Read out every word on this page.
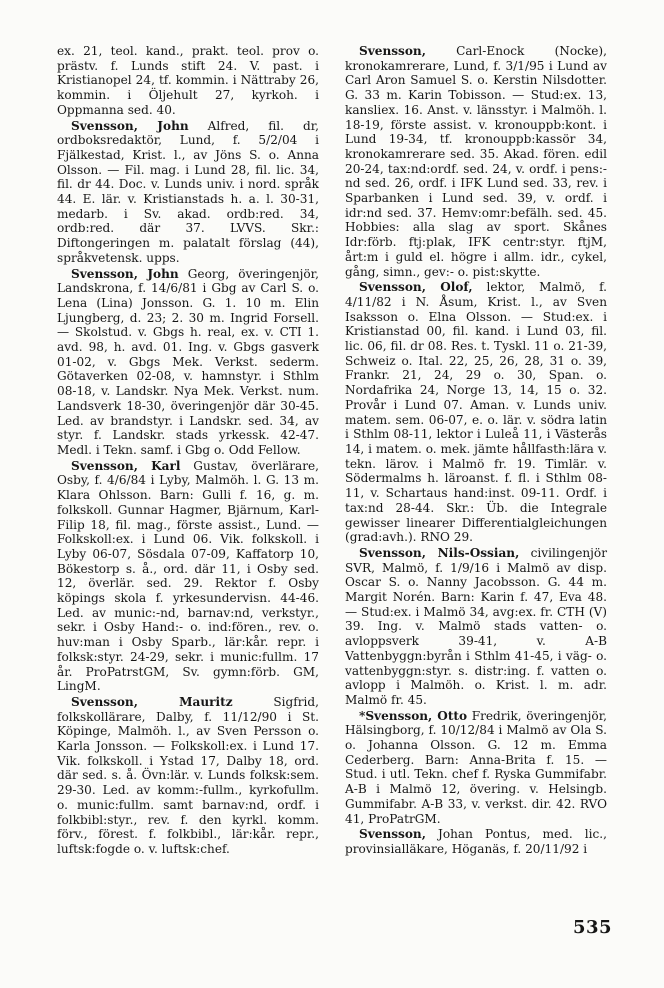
ex. 21, teol. kand., prakt. teol. prov o. prästv. f. Lunds stift 24. V. past. i Kristianopel 24, tf. kommin. i Nättraby 26, kommin. i Öljehult 27, kyrkoh. i Oppmanna sed. 40.

Svensson, John Alfred, fil. dr, ordboksredaktör, Lund, f. 5/2/04 i Fjälkestad, Krist. l., av Jöns S. o. Anna Olsson. — Fil. mag. i Lund 28, fil. lic. 34, fil. dr 44. Doc. v. Lunds univ. i nord. språk 44. E. lär. v. Kristianstads h. a. l. 30-31, medarb. i Sv. akad. ordb:red. 34, ordb:red. där 37. LVVS. Skr.: Diftongeringen m. palatalt förslag (44), språkvetensk. upps.

Svensson, John Georg, överingenjör, Landskrona, f. 14/6/81 i Gbg av Carl S. o. Lena (Lina) Jonsson. G. 1. 10 m. Elin Ljungberg, d. 23; 2. 30 m. Ingrid Forsell. — Skolstud. v. Gbgs h. real, ex. v. CTI 1. avd. 98, h. avd. 01. Ing. v. Gbgs gasverk 01-02, v. Gbgs Mek. Verkst. sederm. Götaverken 02-08, v. hamnstyr. i Sthlm 08-18, v. Landskr. Nya Mek. Verkst. num. Landsverk 18-30, överingenjör där 30-45. Led. av brandstyr. i Landskr. sed. 34, av styr. f. Landskr. stads yrkessk. 42-47. Medl. i Tekn. samf. i Gbg o. Odd Fellow.

Svensson, Karl Gustav, överlärare, Osby, f. 4/6/84 i Lyby, Malmöh. l. G. 13 m. Klara Ohlsson. Barn: Gulli f. 16, g. m. folkskoll. Gunnar Hagmer, Bjärnum, Karl-Filip 18, fil. mag., förste assist., Lund. — Folkskoll:ex. i Lund 06. Vik. folkskoll. i Lyby 06-07, Sösdala 07-09, Kaffatorp 10, Bökestorp s. å., ord. där 11, i Osby sed. 12, överlär. sed. 29. Rektor f. Osby köpings skola f. yrkesundervisn. 44-46. Led. av munic:-nd, barnav:nd, verkstyr., sekr. i Osby Hand:- o. ind:fören., rev. o. huv:man i Osby Sparb., lär:kår. repr. i folksk:styr. 24-29, sekr. i munic:fullm. 17 år. ProPatrstGM, Sv. gymn:förb. GM, LingM.

Svensson, Mauritz Sigfrid, folkskollärare, Dalby, f. 11/12/90 i St. Köpinge, Malmöh. l., av Sven Persson o. Karla Jonsson. — Folkskoll:ex. i Lund 17. Vik. folkskoll. i Ystad 17, Dalby 18, ord. där sed. s. å. Övn:lär. v. Lunds folksk:sem. 29-30. Led. av komm:-fullm., kyrkofullm. o. munic:fullm. samt barnav:nd, ordf. i folkbibl:styr., rev. f. den kyrkl. komm. förv., förest. f. folkbibl., lär:kår. repr., luftsk:fogde o. v. luftsk:chef.

Svensson, Carl-Enock (Nocke), kronokamrerare, Lund, f. 3/1/95 i Lund av Carl Aron Samuel S. o. Kerstin Nilsdotter. G. 33 m. Karin Tobisson. — Stud:ex. 13, kansliex. 16. Anst. v. länsstyr. i Malmöh. l. 18-19, förste assist. v. kronouppb:kont. i Lund 19-34, tf. kronouppb:kassör 34, kronokamrerare sed. 35. Akad. fören. edil 20-24, tax:nd:ordf. sed. 24, v. ordf. i pens:-nd sed. 26, ordf. i IFK Lund sed. 33, rev. i Sparbanken i Lund sed. 39, v. ordf. i idr:nd sed. 37. Hemv:omr:befälh. sed. 45. Hobbies: alla slag av sport. Skånes Idr:förb. ftj:plak, IFK centr:styr. ftjM, årt:m i guld el. högre i allm. idr., cykel, gång, simn., gev:- o. pist:skytte.

Svensson, Olof, lektor, Malmö, f. 4/11/82 i N. Åsum, Krist. l., av Sven Isaksson o. Elna Olsson. — Stud:ex. i Kristianstad 00, fil. kand. i Lund 03, fil. lic. 06, fil. dr 08. Res. t. Tyskl. 11 o. 21-39, Schweiz o. Ital. 22, 25, 26, 28, 31 o. 39, Frankr. 21, 24, 29 o. 30, Span. o. Nordafrika 24, Norge 13, 14, 15 o. 32. Provår i Lund 07. Aman. v. Lunds univ. matem. sem. 06-07, e. o. lär. v. södra latin i Sthlm 08-11, lektor i Luleå 11, i Västerås 14, i matem. o. mek. jämte hållfasth:lära v. tekn. lärov. i Malmö fr. 19. Timlär. v. Södermalms h. läroanst. f. fl. i Sthlm 08-11, v. Schartaus hand:inst. 09-11. Ordf. i tax:nd 28-44. Skr.: Üb. die Integrale gewisser linearer Differentialgleichungen (grad:avh.). RNO 29.

Svensson, Nils-Ossian, civilingenjör SVR, Malmö, f. 1/9/16 i Malmö av disp. Oscar S. o. Nanny Jacobsson. G. 44 m. Margit Norén. Barn: Karin f. 47, Eva 48. — Stud:ex. i Malmö 34, avg:ex. fr. CTH (V) 39. Ing. v. Malmö stads vatten- o. avloppsverk 39-41, v. A-B Vattenbyggn:byrån i Sthlm 41-45, i väg- o. vattenbyggn:styr. s. distr:ing. f. vatten o. avlopp i Malmöh. o. Krist. l. m. adr. Malmö fr. 45.

*Svensson, Otto Fredrik, överingenjör, Hälsingborg, f. 10/12/84 i Malmö av Ola S. o. Johanna Olsson. G. 12 m. Emma Cederberg. Barn: Anna-Brita f. 15. — Stud. i utl. Tekn. chef f. Ryska Gummifabr. A-B i Malmö 12, övering. v. Helsingb. Gummifabr. A-B 33, v. verkst. dir. 42. RVO 41, ProPatrGM.

Svensson, Johan Pontus, med. lic., provinsialläkare, Höganäs, f. 20/11/92 i

535
